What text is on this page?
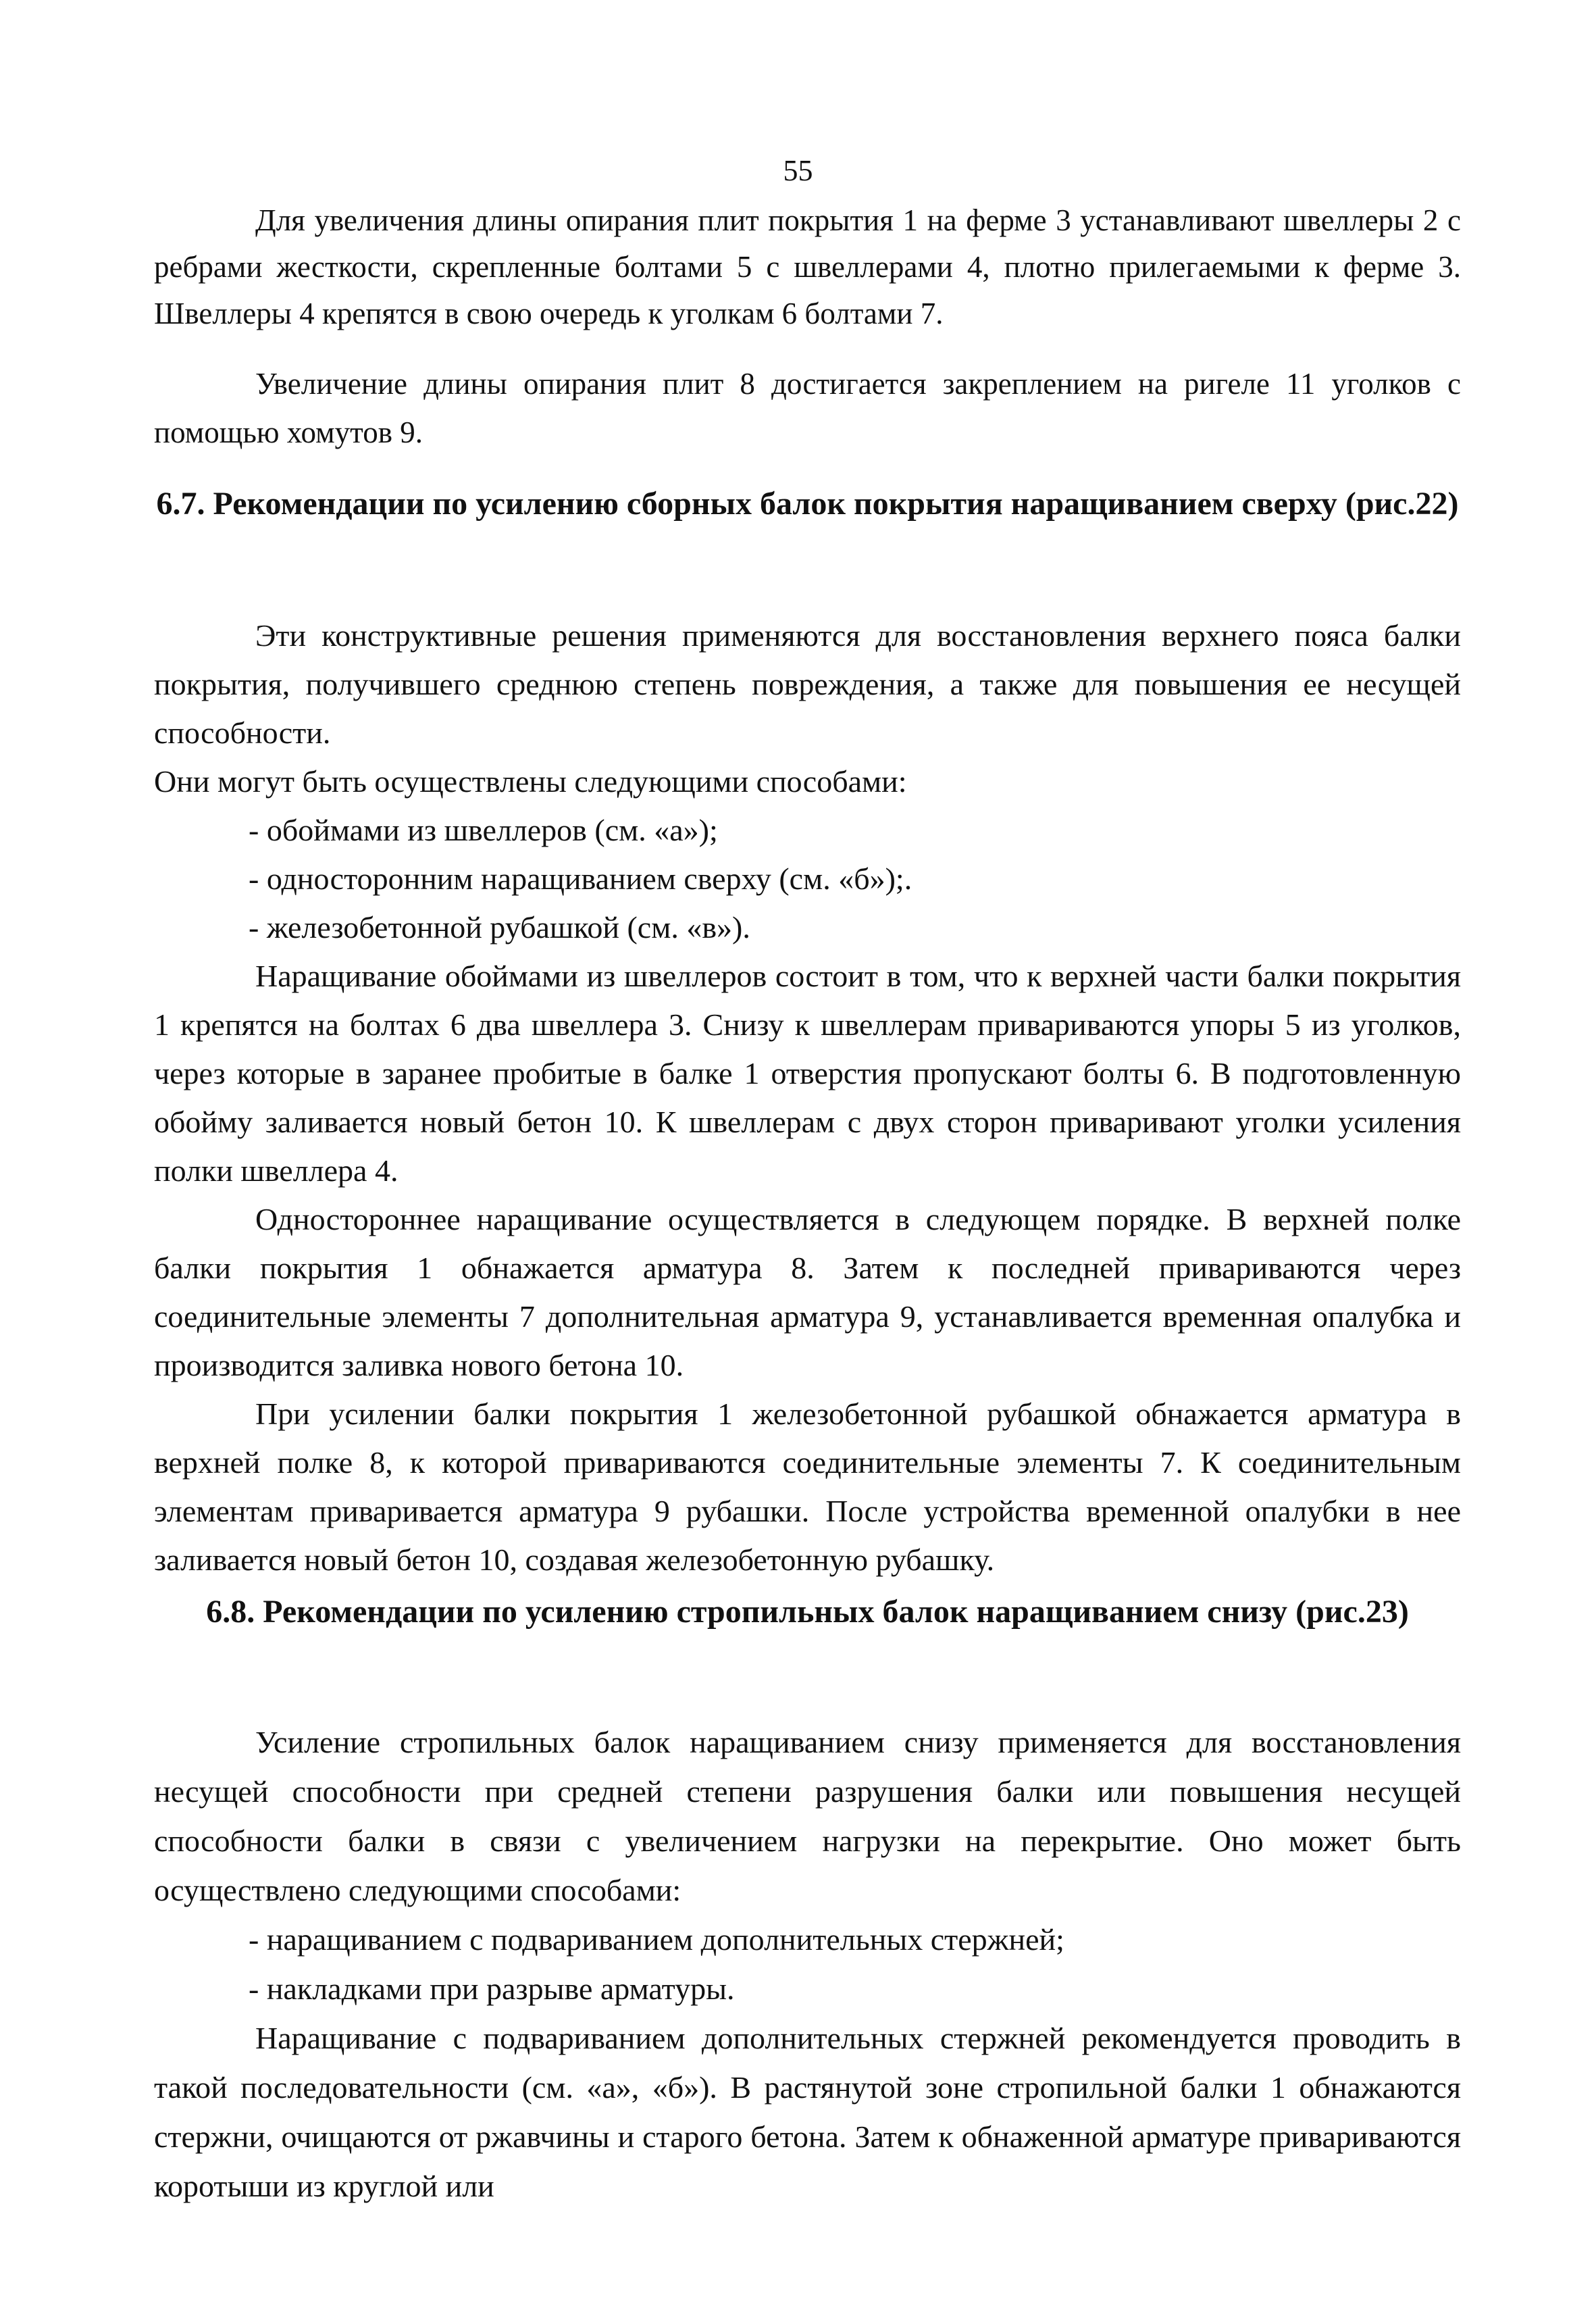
55

Для увеличения длины опирания плит покрытия 1 на ферме 3 устанавливают швеллеры 2 с ребрами жесткости, скрепленные болтами 5 с швеллерами 4, плотно прилегаемыми к ферме 3. Швеллеры 4 крепятся в свою очередь к уголкам 6 болтами 7.

Увеличение длины опирания плит 8 достигается закреплением на ригеле 11 уголков с помощью хомутов 9.

6.7. Рекомендации по усилению сборных балок покрытия наращиванием сверху (рис.22)

Эти конструктивные решения применяются для восстановления верхнего пояса балки покрытия, получившего среднюю степень повреждения, а также для повышения ее несущей способности.

Они могут быть осуществлены следующими способами:

- обоймами из швеллеров (см. «а»);
- односторонним наращиванием сверху (см. «б»);.
- железобетонной рубашкой (см. «в»).

Наращивание обоймами из швеллеров состоит в том, что к верхней части балки покрытия 1 крепятся на болтах 6 два швеллера 3. Снизу к швеллерам привариваются упоры 5 из уголков, через которые в заранее пробитые в балке 1 отверстия пропускают болты 6. В подготовленную обойму заливается новый бетон 10. К швеллерам с двух сторон приваривают уголки усиления полки швеллера 4.

Одностороннее наращивание осуществляется в следующем порядке. В верхней полке балки покрытия 1 обнажается арматура 8. Затем к последней привариваются через соединительные элементы 7 дополнительная арматура 9, устанавливается временная опалубка и производится заливка нового бетона 10.

При усилении балки покрытия 1 железобетонной рубашкой обнажается арматура в верхней полке 8, к которой привариваются соединительные элементы 7. К соединительным элементам приваривается арматура 9 рубашки. После устройства временной опалубки в нее заливается новый бетон 10, создавая железобетонную рубашку.

6.8. Рекомендации по усилению стропильных балок наращиванием снизу (рис.23)

Усиление стропильных балок наращиванием снизу применяется для восстановления несущей способности при средней степени разрушения балки или повышения несущей способности балки в связи с увеличением нагрузки на перекрытие. Оно может быть осуществлено следующими способами:

- наращиванием с подвариванием дополнительных стержней;
- накладками при разрыве арматуры.

Наращивание с подвариванием дополнительных стержней рекомендуется проводить в такой последовательности (см. «а», «б»). В растянутой зоне стропильной балки 1 обнажаются стержни, очищаются от ржавчины и старого бетона. Затем к обнаженной арматуре привариваются коротыши из круглой или
